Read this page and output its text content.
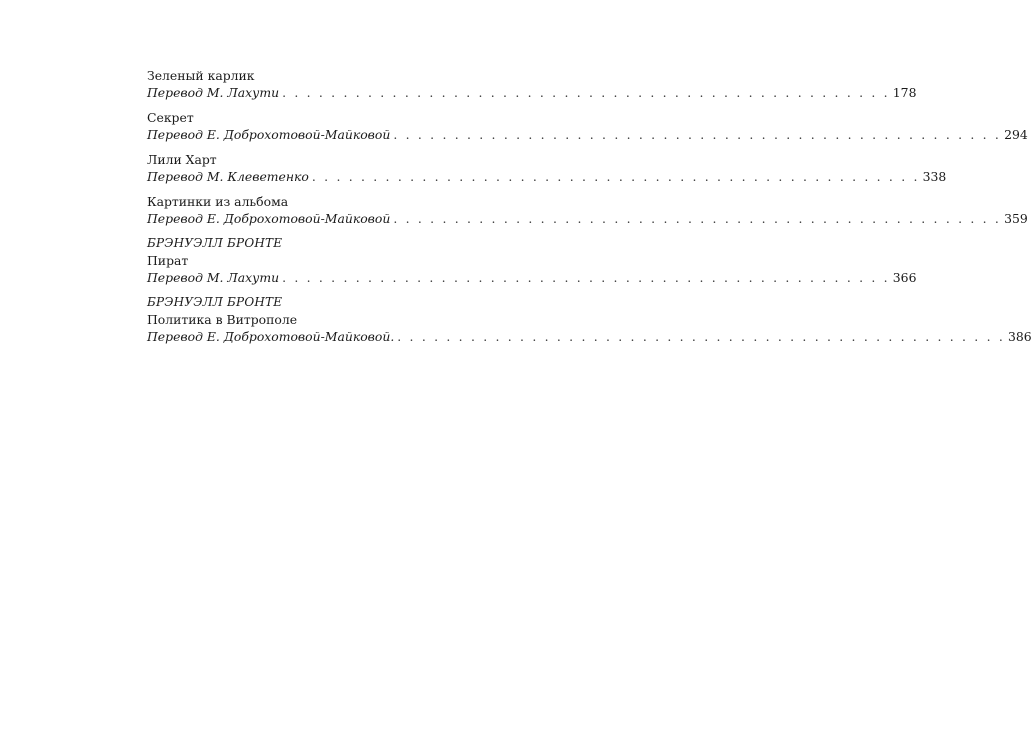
Зеленый карлик
Перевод М. Лахути . . . . . . . . . . . . . . . . . . . . . . . . . . . . . . . . . . . . . . . . . . . . . . . . . . 178
Секрет
Перевод Е. Доброхотовой-Майковой . . . . . . . . . . . . . . . . . . . . . . . . . . . . . . . . . . . . . . . . . . . . . . . . . . 294
Лили Харт
Перевод М. Клеветенко . . . . . . . . . . . . . . . . . . . . . . . . . . . . . . . . . . . . . . . . . . . . . . . . . . 338
Картинки из альбома
Перевод Е. Доброхотовой-Майковой . . . . . . . . . . . . . . . . . . . . . . . . . . . . . . . . . . . . . . . . . . . . . . . . . . 359
БРЭНУЭЛЛ БРОНТЕ
Пират
Перевод М. Лахути . . . . . . . . . . . . . . . . . . . . . . . . . . . . . . . . . . . . . . . . . . . . . . . . . . 366
БРЭНУЭЛЛ БРОНТЕ
Политика в Витрополе
Перевод Е. Доброхотовой-Майковой. . . . . . . . . . . . . . . . . . . . . . . . . . . . . . . . . . . . . . . . . . . . . . . . . . . 386
